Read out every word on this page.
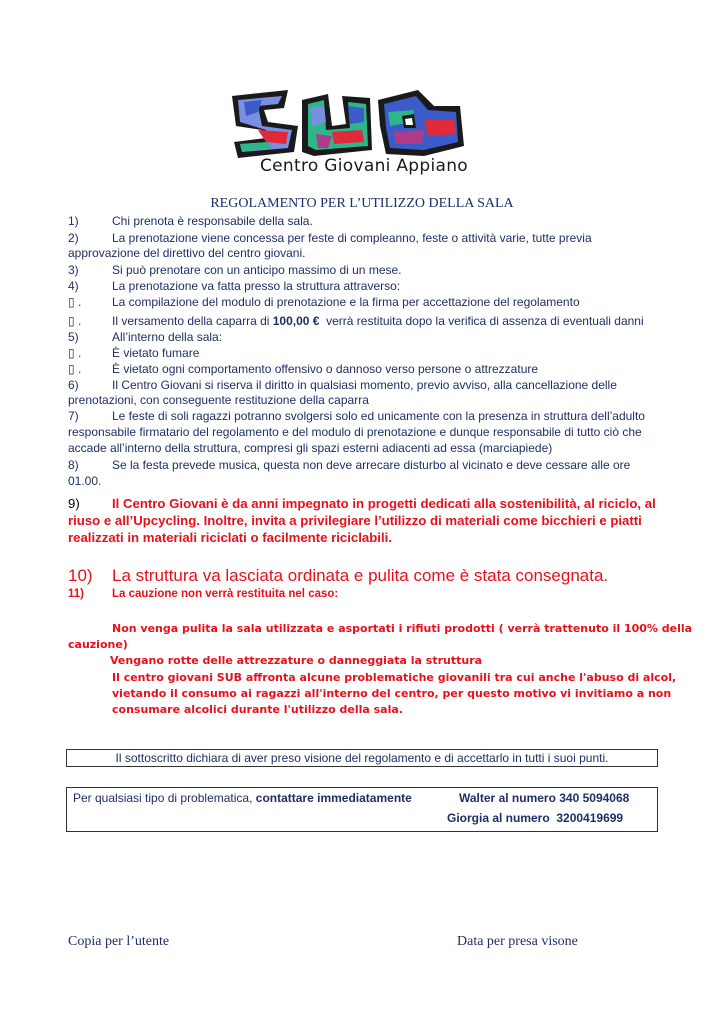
Centro Giovani Appiano
REGOLAMENTO PER L’UTILIZZO DELLA SALA
1)	Chi prenota è responsabile della sala.
2)	La prenotazione viene concessa per feste di compleanno, feste o attività varie, tutte previa
approvazione del direttivo del centro giovani.
3)	Si può prenotare con un anticipo massimo di un mese.
4)	La prenotazione va fatta presso la struttura attraverso:
▯ .	La compilazione del modulo di prenotazione e la firma per accettazione del regolamento
▯ .	Il versamento della caparra di 100,00 €  verrà restituita dopo la verifica di assenza di eventuali danni
5)	All’interno della sala:
▯ .	È vietato fumare
▯ .	È vietato ogni comportamento offensivo o dannoso verso persone o attrezzature
6)	Il Centro Giovani si riserva il diritto in qualsiasi momento, previo avviso, alla cancellazione delle
prenotazioni, con conseguente restituzione della caparra
7)	Le feste di soli ragazzi potranno svolgersi solo ed unicamente con la presenza in struttura dell’adulto
responsabile firmatario del regolamento e del modulo di prenotazione e dunque responsabile di tutto ciò che
accade all’interno della struttura, compresi gli spazi esterni adiacenti ad essa (marciapiede)
8)	Se la festa prevede musica, questa non deve arrecare disturbo al vicinato e deve cessare alle ore
01.00.
9) Il Centro Giovani è da anni impegnato in progetti dedicati alla sostenibilità, al riciclo, al riuso e all’Upcycling. Inoltre, invita a privilegiare l’utilizzo di materiali come bicchieri e piatti realizzati in materiali riciclati o facilmente riciclabili.
10) La struttura va lasciata ordinata e pulita come è stata consegnata.
11) La cauzione non verrà restituita nel caso:
Non venga pulita la sala utilizzata e asportati i rifiuti prodotti ( verrà trattenuto il 100% della
cauzione)
Vengano rotte delle attrezzature o danneggiata la struttura
Il centro giovani SUB affronta alcune problematiche giovanili tra cui anche l'abuso di alcol,
vietando il consumo ai ragazzi all'interno del centro, per questo motivo vi invitiamo a non
consumare alcolici durante l'utilizzo della sala.
Il sottoscritto dichiara di aver preso visione del regolamento e di accettarlo in tutti i suoi punti.
Per qualsiasi tipo di problematica, contattare immediatamente	Walter al numero 340 5094068
Giorgia al numero  3200419699
Copia per l’utente	Data per presa visone
